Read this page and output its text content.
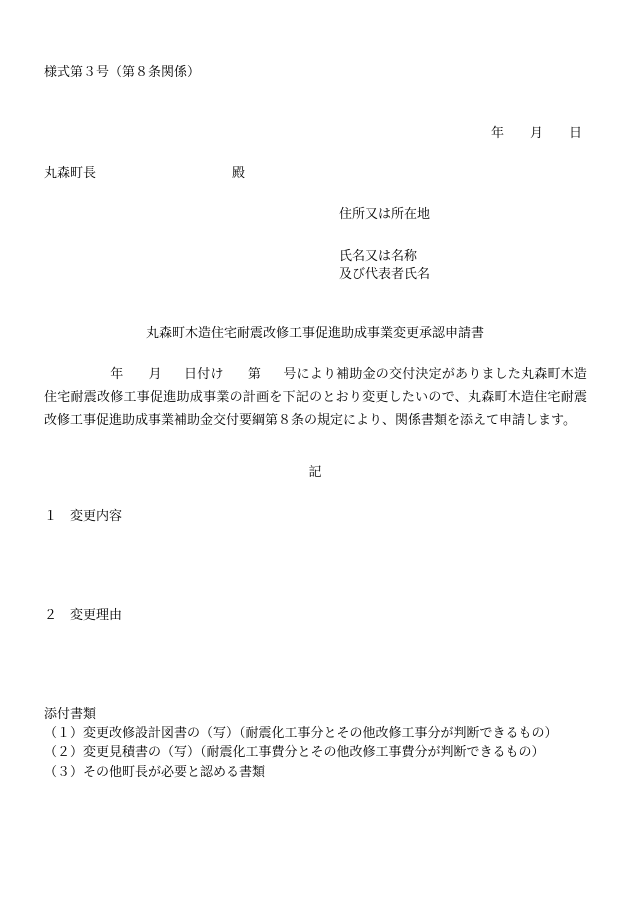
様式第３号（第８条関係）
年 月 日
丸森町長	殿
住所又は所在地
氏名又は名称
及び代表者氏名
丸森町木造住宅耐震改修工事促進助成事業変更承認申請書
年 月 日付け 第 号により補助金の交付決定がありました丸森町木造住宅耐震改修工事促進助成事業の計画を下記のとおり変更したいので、丸森町木造住宅耐震改修工事促進助成事業補助金交付要綱第８条の規定により、関係書類を添えて申請します。
記
１ 変更内容
２ 変更理由
添付書類
（１）変更改修設計図書の（写）（耐震化工事分とその他改修工事分が判断できるもの）
（２）変更見積書の（写）（耐震化工事費分とその他改修工事費分が判断できるもの）
（３）その他町長が必要と認める書類
